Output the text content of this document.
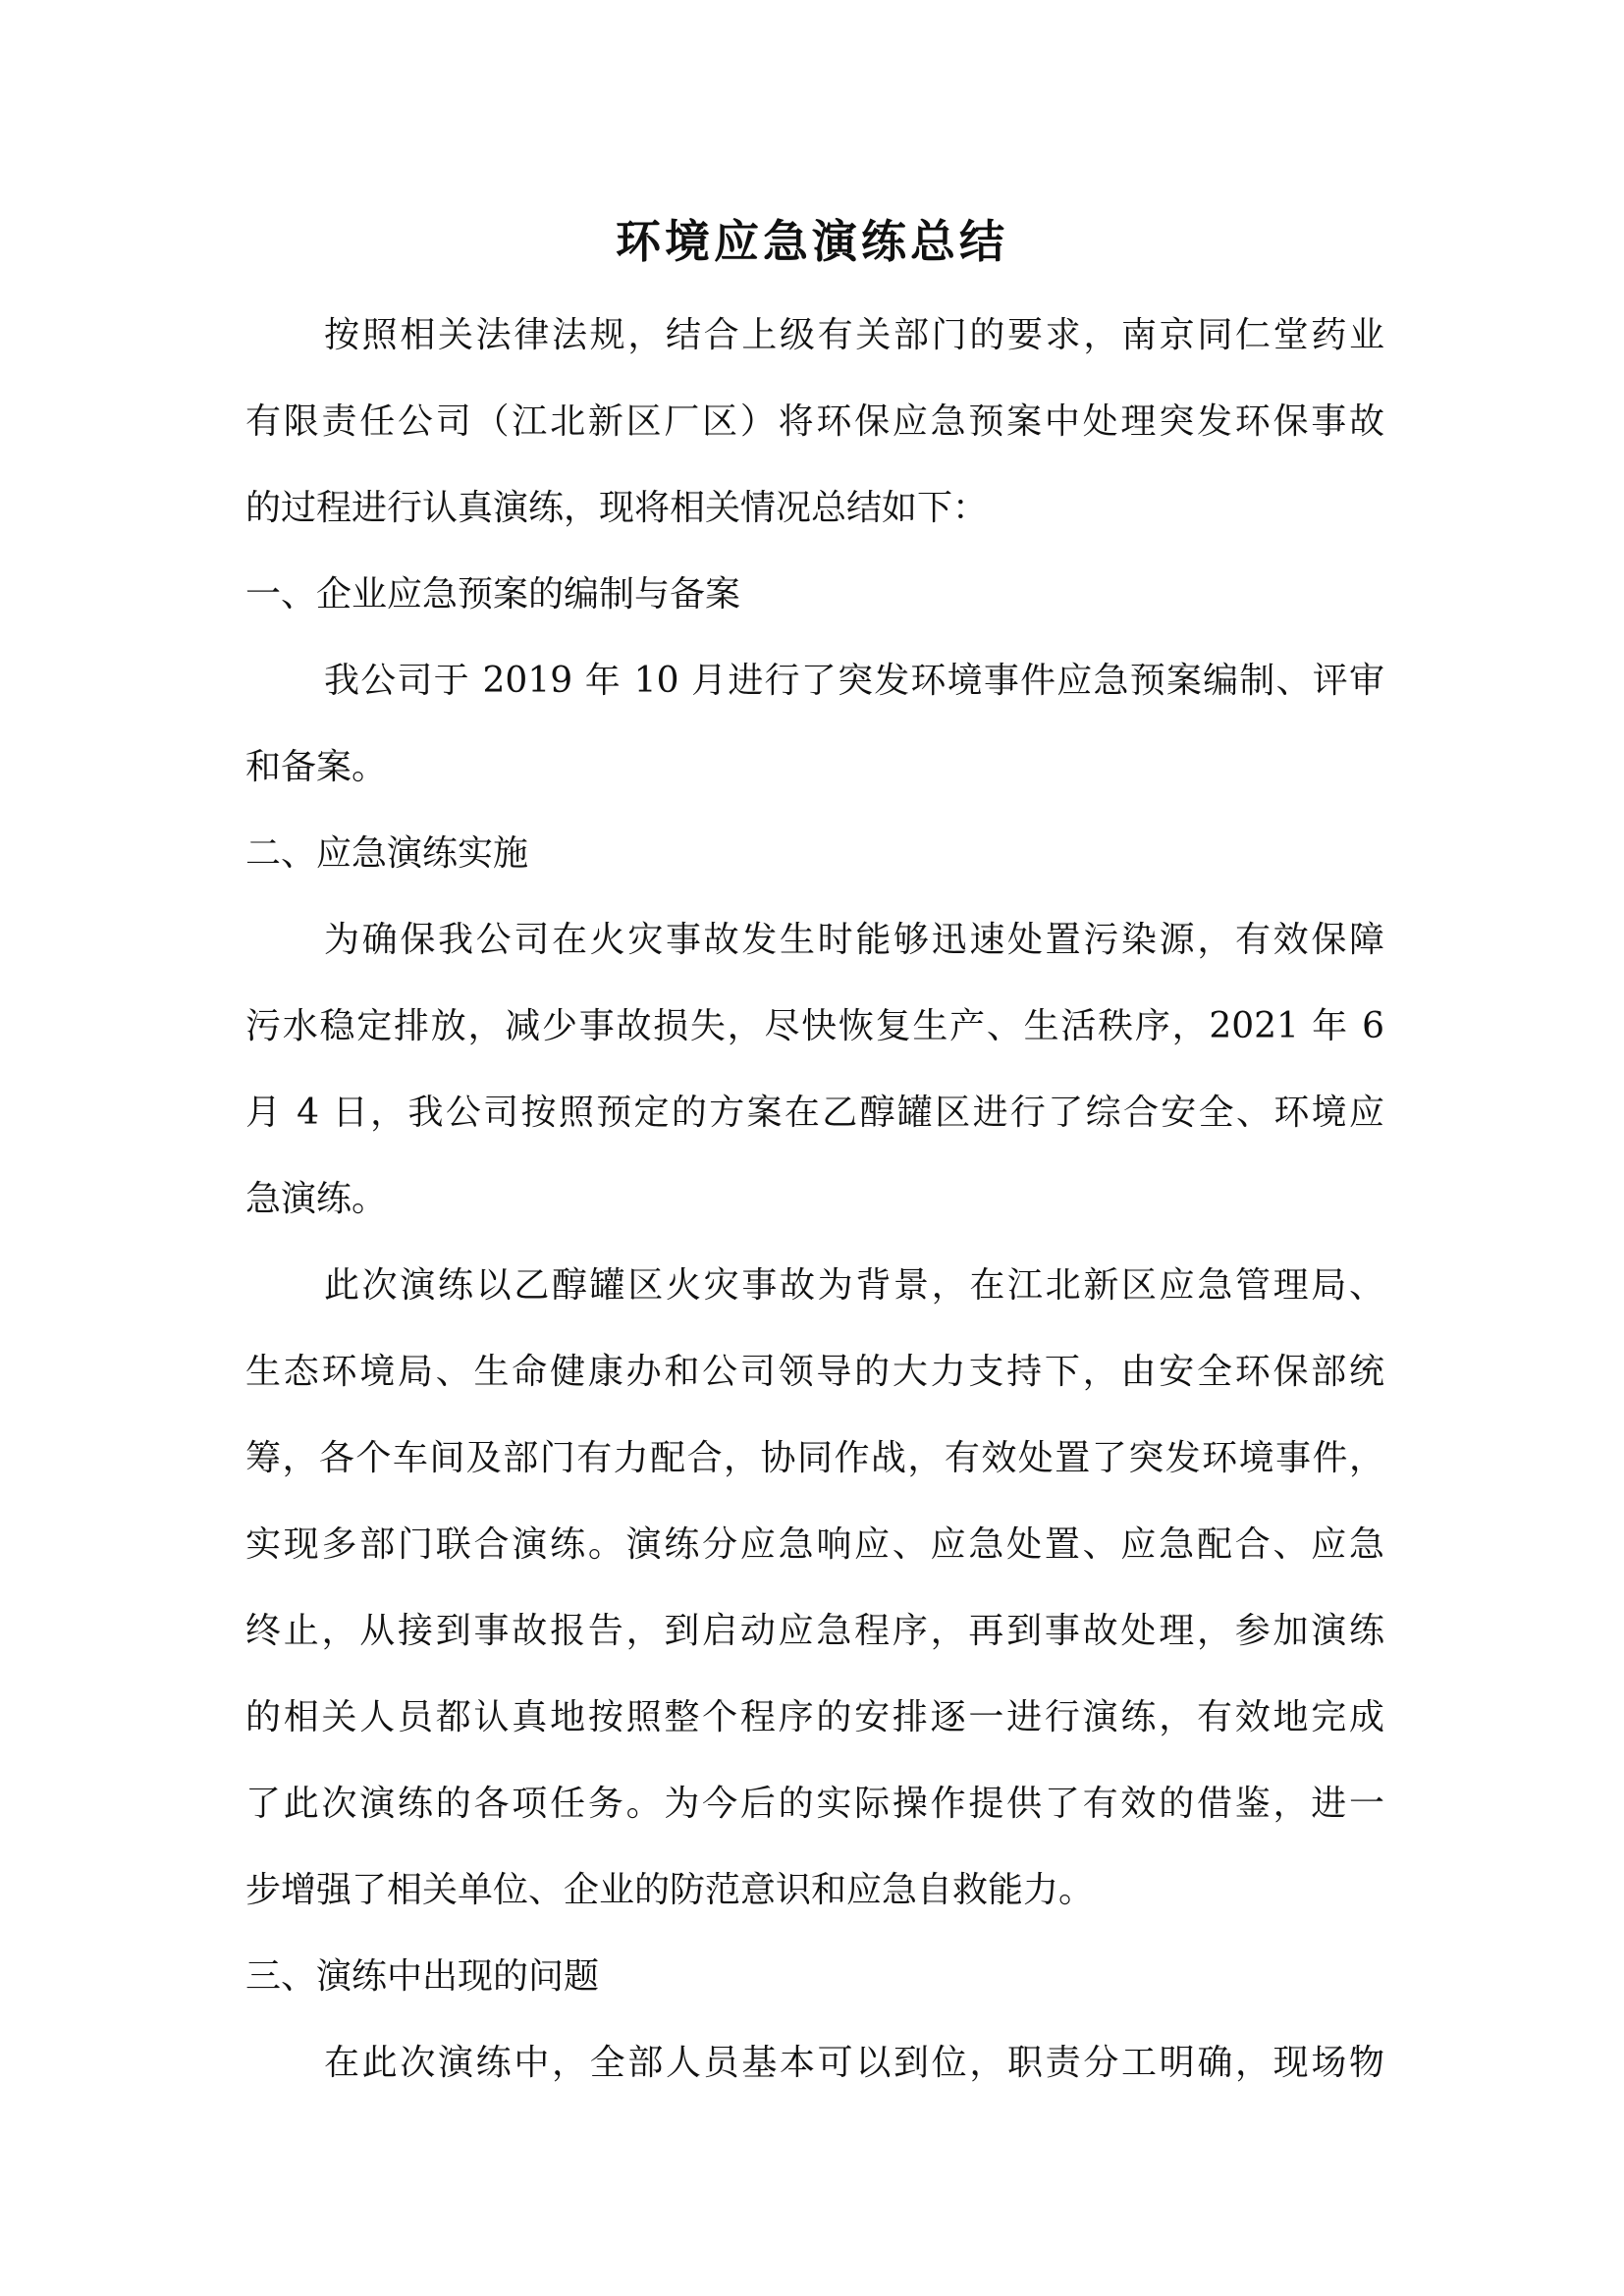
环境应急演练总结
按照相关法律法规，结合上级有关部门的要求，南京同仁堂药业
有限责任公司（江北新区厂区）将环保应急预案中处理突发环保事故
的过程进行认真演练，现将相关情况总结如下：
一、企业应急预案的编制与备案
我公司于 2019 年 10 月进行了突发环境事件应急预案编制、评审
和备案。
二、应急演练实施
为确保我公司在火灾事故发生时能够迅速处置污染源，有效保障
污水稳定排放，减少事故损失，尽快恢复生产、生活秩序，2021 年 6
月 4 日，我公司按照预定的方案在乙醇罐区进行了综合安全、环境应
急演练。
此次演练以乙醇罐区火灾事故为背景，在江北新区应急管理局、
生态环境局、生命健康办和公司领导的大力支持下，由安全环保部统
筹，各个车间及部门有力配合，协同作战，有效处置了突发环境事件，
实现多部门联合演练。演练分应急响应、应急处置、应急配合、应急
终止，从接到事故报告，到启动应急程序，再到事故处理，参加演练
的相关人员都认真地按照整个程序的安排逐一进行演练，有效地完成
了此次演练的各项任务。为今后的实际操作提供了有效的借鉴，进一
步增强了相关单位、企业的防范意识和应急自救能力。
三、演练中出现的问题
在此次演练中，全部人员基本可以到位，职责分工明确，现场物
